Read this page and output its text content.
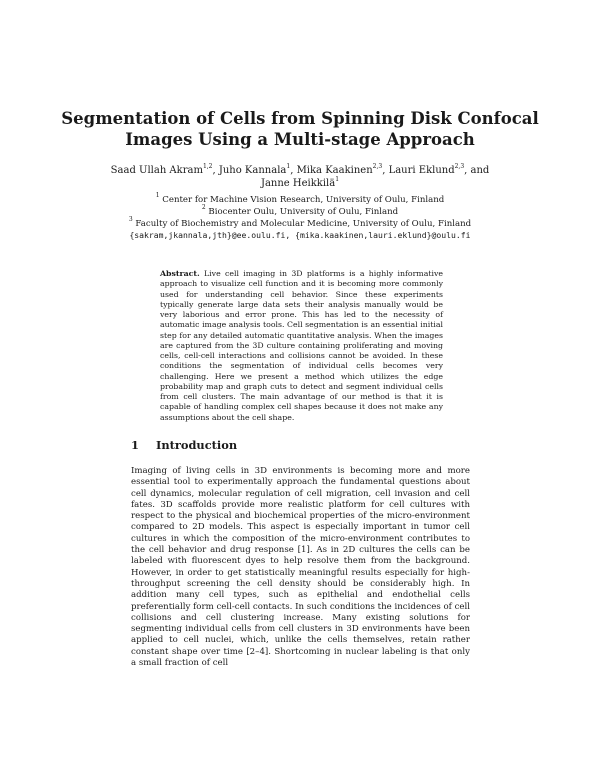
Segmentation of Cells from Spinning Disk Confocal Images Using a Multi-stage Approach
Saad Ullah Akram$^{1,2}$, Juho Kannala$^1$, Mika Kaakinen$^{2,3}$, Lauri Eklund$^{2,3}$, and
Janne Heikkilä$^1$
$^1$ Center for Machine Vision Research, University of Oulu, Finland
$^2$ Biocenter Oulu, University of Oulu, Finland
$^3$ Faculty of Biochemistry and Molecular Medicine, University of Oulu, Finland
{sakram,jkannala,jth}@ee.oulu.fi, {mika.kaakinen,lauri.eklund}@oulu.fi
Abstract. Live cell imaging in 3D platforms is a highly informative approach to visualize cell function and it is becoming more commonly used for understanding cell behavior. Since these experiments typically generate large data sets their analysis manually would be very laborious and error prone. This has led to the necessity of automatic image analysis tools. Cell segmentation is an essential initial step for any detailed automatic quantitative analysis. When the images are captured from the 3D culture containing proliferating and moving cells, cell-cell interactions and collisions cannot be avoided. In these conditions the segmentation of individual cells becomes very challenging. Here we present a method which utilizes the edge probability map and graph cuts to detect and segment individual cells from cell clusters. The main advantage of our method is that it is capable of handling complex cell shapes because it does not make any assumptions about the cell shape.
1 Introduction
Imaging of living cells in 3D environments is becoming more and more essential tool to experimentally approach the fundamental questions about cell dynamics, molecular regulation of cell migration, cell invasion and cell fates. 3D scaffolds provide more realistic platform for cell cultures with respect to the physical and biochemical properties of the micro-environment compared to 2D models. This aspect is especially important in tumor cell cultures in which the composition of the micro-environment contributes to the cell behavior and drug response [1]. As in 2D cultures the cells can be labeled with fluorescent dyes to help resolve them from the background. However, in order to get statistically meaningful results especially for high-throughput screening the cell density should be considerably high. In addition many cell types, such as epithelial and endothelial cells preferentially form cell-cell contacts. In such conditions the incidences of cell collisions and cell clustering increase. Many existing solutions for segmenting individual cells from cell clusters in 3D environments have been applied to cell nuclei, which, unlike the cells themselves, retain rather constant shape over time [2–4]. Shortcoming in nuclear labeling is that only a small fraction of cell
